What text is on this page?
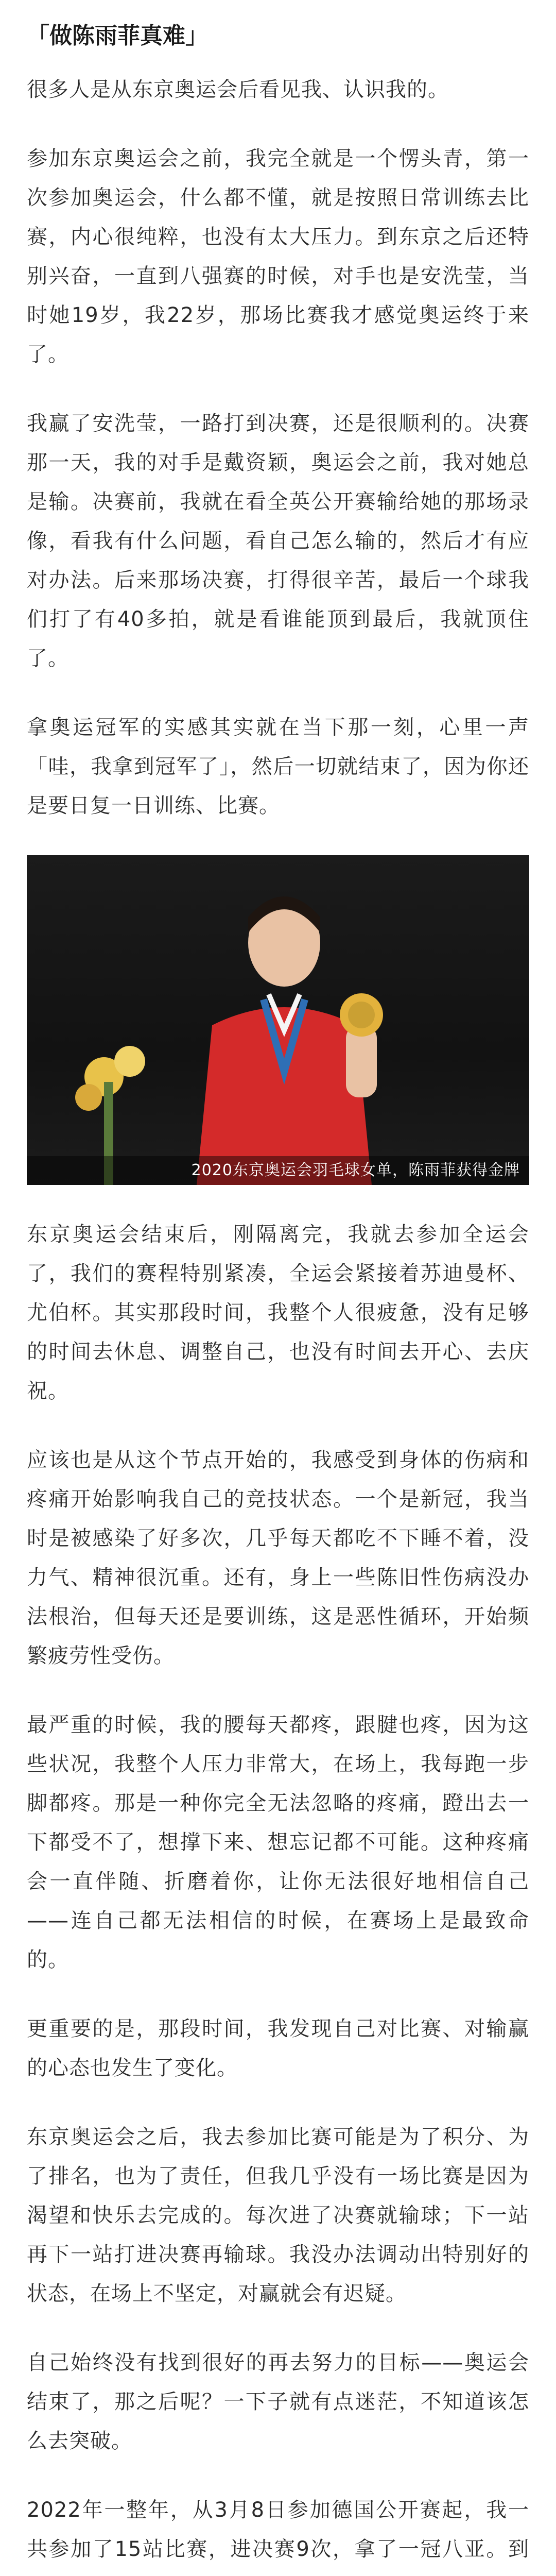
「做陈雨菲真难」

很多人是从东京奥运会后看见我、认识我的。

参加东京奥运会之前，我完全就是一个愣头青，第一次参加奥运会，什么都不懂，就是按照日常训练去比赛，内心很纯粹，也没有太大压力。到东京之后还特别兴奋，一直到八强赛的时候，对手也是安洗莹，当时她19岁，我22岁，那场比赛我才感觉奥运终于来了。

我赢了安洗莹，一路打到决赛，还是很顺利的。决赛那一天，我的对手是戴资颖，奥运会之前，我对她总是输。决赛前，我就在看全英公开赛输给她的那场录像，看我有什么问题，看自己怎么输的，然后才有应对办法。后来那场决赛，打得很辛苦，最后一个球我们打了有40多拍，就是看谁能顶到最后，我就顶住了。

拿奥运冠军的实感其实就在当下那一刻，心里一声「哇，我拿到冠军了」，然后一切就结束了，因为你还是要日复一日训练、比赛。

2020东京奥运会羽毛球女单，陈雨菲获得金牌

东京奥运会结束后，刚隔离完，我就去参加全运会了，我们的赛程特别紧凑，全运会紧接着苏迪曼杯、尤伯杯。其实那段时间，我整个人很疲惫，没有足够的时间去休息、调整自己，也没有时间去开心、去庆祝。

应该也是从这个节点开始的，我感受到身体的伤病和疼痛开始影响我自己的竞技状态。一个是新冠，我当时是被感染了好多次，几乎每天都吃不下睡不着，没力气、精神很沉重。还有，身上一些陈旧性伤病没办法根治，但每天还是要训练，这是恶性循环，开始频繁疲劳性受伤。

最严重的时候，我的腰每天都疼，跟腱也疼，因为这些状况，我整个人压力非常大，在场上，我每跑一步脚都疼。那是一种你完全无法忽略的疼痛，蹬出去一下都受不了，想撑下来、想忘记都不可能。这种疼痛会一直伴随、折磨着你，让你无法很好地相信自己——连自己都无法相信的时候，在赛场上是最致命的。

更重要的是，那段时间，我发现自己对比赛、对输赢的心态也发生了变化。

东京奥运会之后，我去参加比赛可能是为了积分、为了排名，也为了责任，但我几乎没有一场比赛是因为渴望和快乐去完成的。每次进了决赛就输球；下一站再下一站打进决赛再输球。我没办法调动出特别好的状态，在场上不坚定，对赢就会有迟疑。

自己始终没有找到很好的再去努力的目标——奥运会结束了，那之后呢？一下子就有点迷茫，不知道该怎么去突破。

2022年一整年，从3月8日参加德国公开赛起，我一共参加了15站比赛，进决赛9次，拿了一冠八亚。到
